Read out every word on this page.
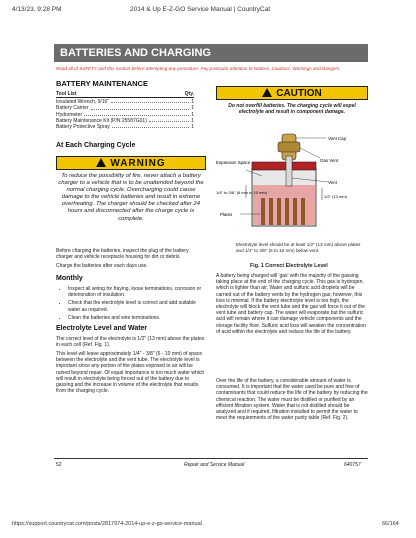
4/13/23, 9:28 PM	2014 & Up E-Z-GO Service Manual | CountryCat
BATTERIES AND CHARGING
Read all of SAFETY and this section before attempting any procedure. Pay particular attention to Notices, Cautions, Warnings and Dangers.
BATTERY MAINTENANCE
Tool List	Qty.
Insulated Wrench, 9/16"	1
Battery Carrier	1
Hydrometer	1
Battery Maintenance Kit (P/N 25587G01)	1
Battery Protective Spray	1
CAUTION
Do not overfill batteries. The charging cycle will expel electrolyte and result in component damage.
At Each Charging Cycle
WARNING
To reduce the possibility of fire, never attach a battery charger to a vehicle that is to be unattended beyond the normal charging cycle. Overcharging could cause damage to the vehicle batteries and result in extreme overheating. The charger should be checked after 24 hours and disconnected after the charge cycle is complete.
Before charging the batteries, inspect the plug of the battery charger and vehicle receptacle housing for dirt or debris.
Charge the batteries after each days use.
Monthly
• Inspect all wiring for fraying, loose terminations, corrosion or deterioration of insulation.
• Check that the electrolyte level is correct and add suitable water as required.
• Clean the batteries and wire terminations.
Electrolyte Level and Water
The correct level of the electrolyte is 1/2" (13 mm) above the plates in each cell (Ref. Fig. 1).
This level will leave approximately 1/4" - 3/8" (6 - 10 mm) of space between the electrolyte and the vent tube. The electrolyte level is important since any portion of the plates exposed to air will be ruined beyond repair. Of equal importance is too much water which will result in electrolyte being forced out of the battery due to gassing and the increase in volume of the electrolyte that results from the charging cycle.
Vent Cap
Gas Vent
Expansion Space
Vent
1/4" to 3/8" (6 mm to 10 mm)
1/2" (13 mm)
Plates
Electrolyte level should be at least 1/2" (13 mm) above plates and 1/4" to 3/8" (6 to 10 mm) below vent.
Fig. 1 Correct Electrolyte Level
A battery being charged will 'gas' with the majority of the gassing taking place at the end of the charging cycle. This gas is hydrogen, which is lighter than air. Water and sulfuric acid droplets will be carried out of the battery vents by the hydrogen gas; however, this loss is minimal. If the battery electrolyte level is too high, the electrolyte will block the vent tube and the gas will force it out of the vent tube and battery cap. The water will evaporate but the sulfuric acid will remain where it can damage vehicle components and the storage facility floor. Sulfuric acid loss will weaken the concentration of acid within the electrolyte and reduce the life of the battery.
Over the life of the battery, a considerable amount of water is consumed. It is important that the water used be pure and free of contaminants that could reduce the life of the battery by reducing the chemical reaction. The water must be distilled or purified by an efficient filtration system. Water that is not distilled should be analyzed and if required, filtration installed to permit the water to meet the requirements of the water purity table (Ref. Fig. 2).
52	Repair and Service Manual	640757
https://support.countrycat.com/posts/2817974-2014-up-e-z-go-service-manual	66/164
